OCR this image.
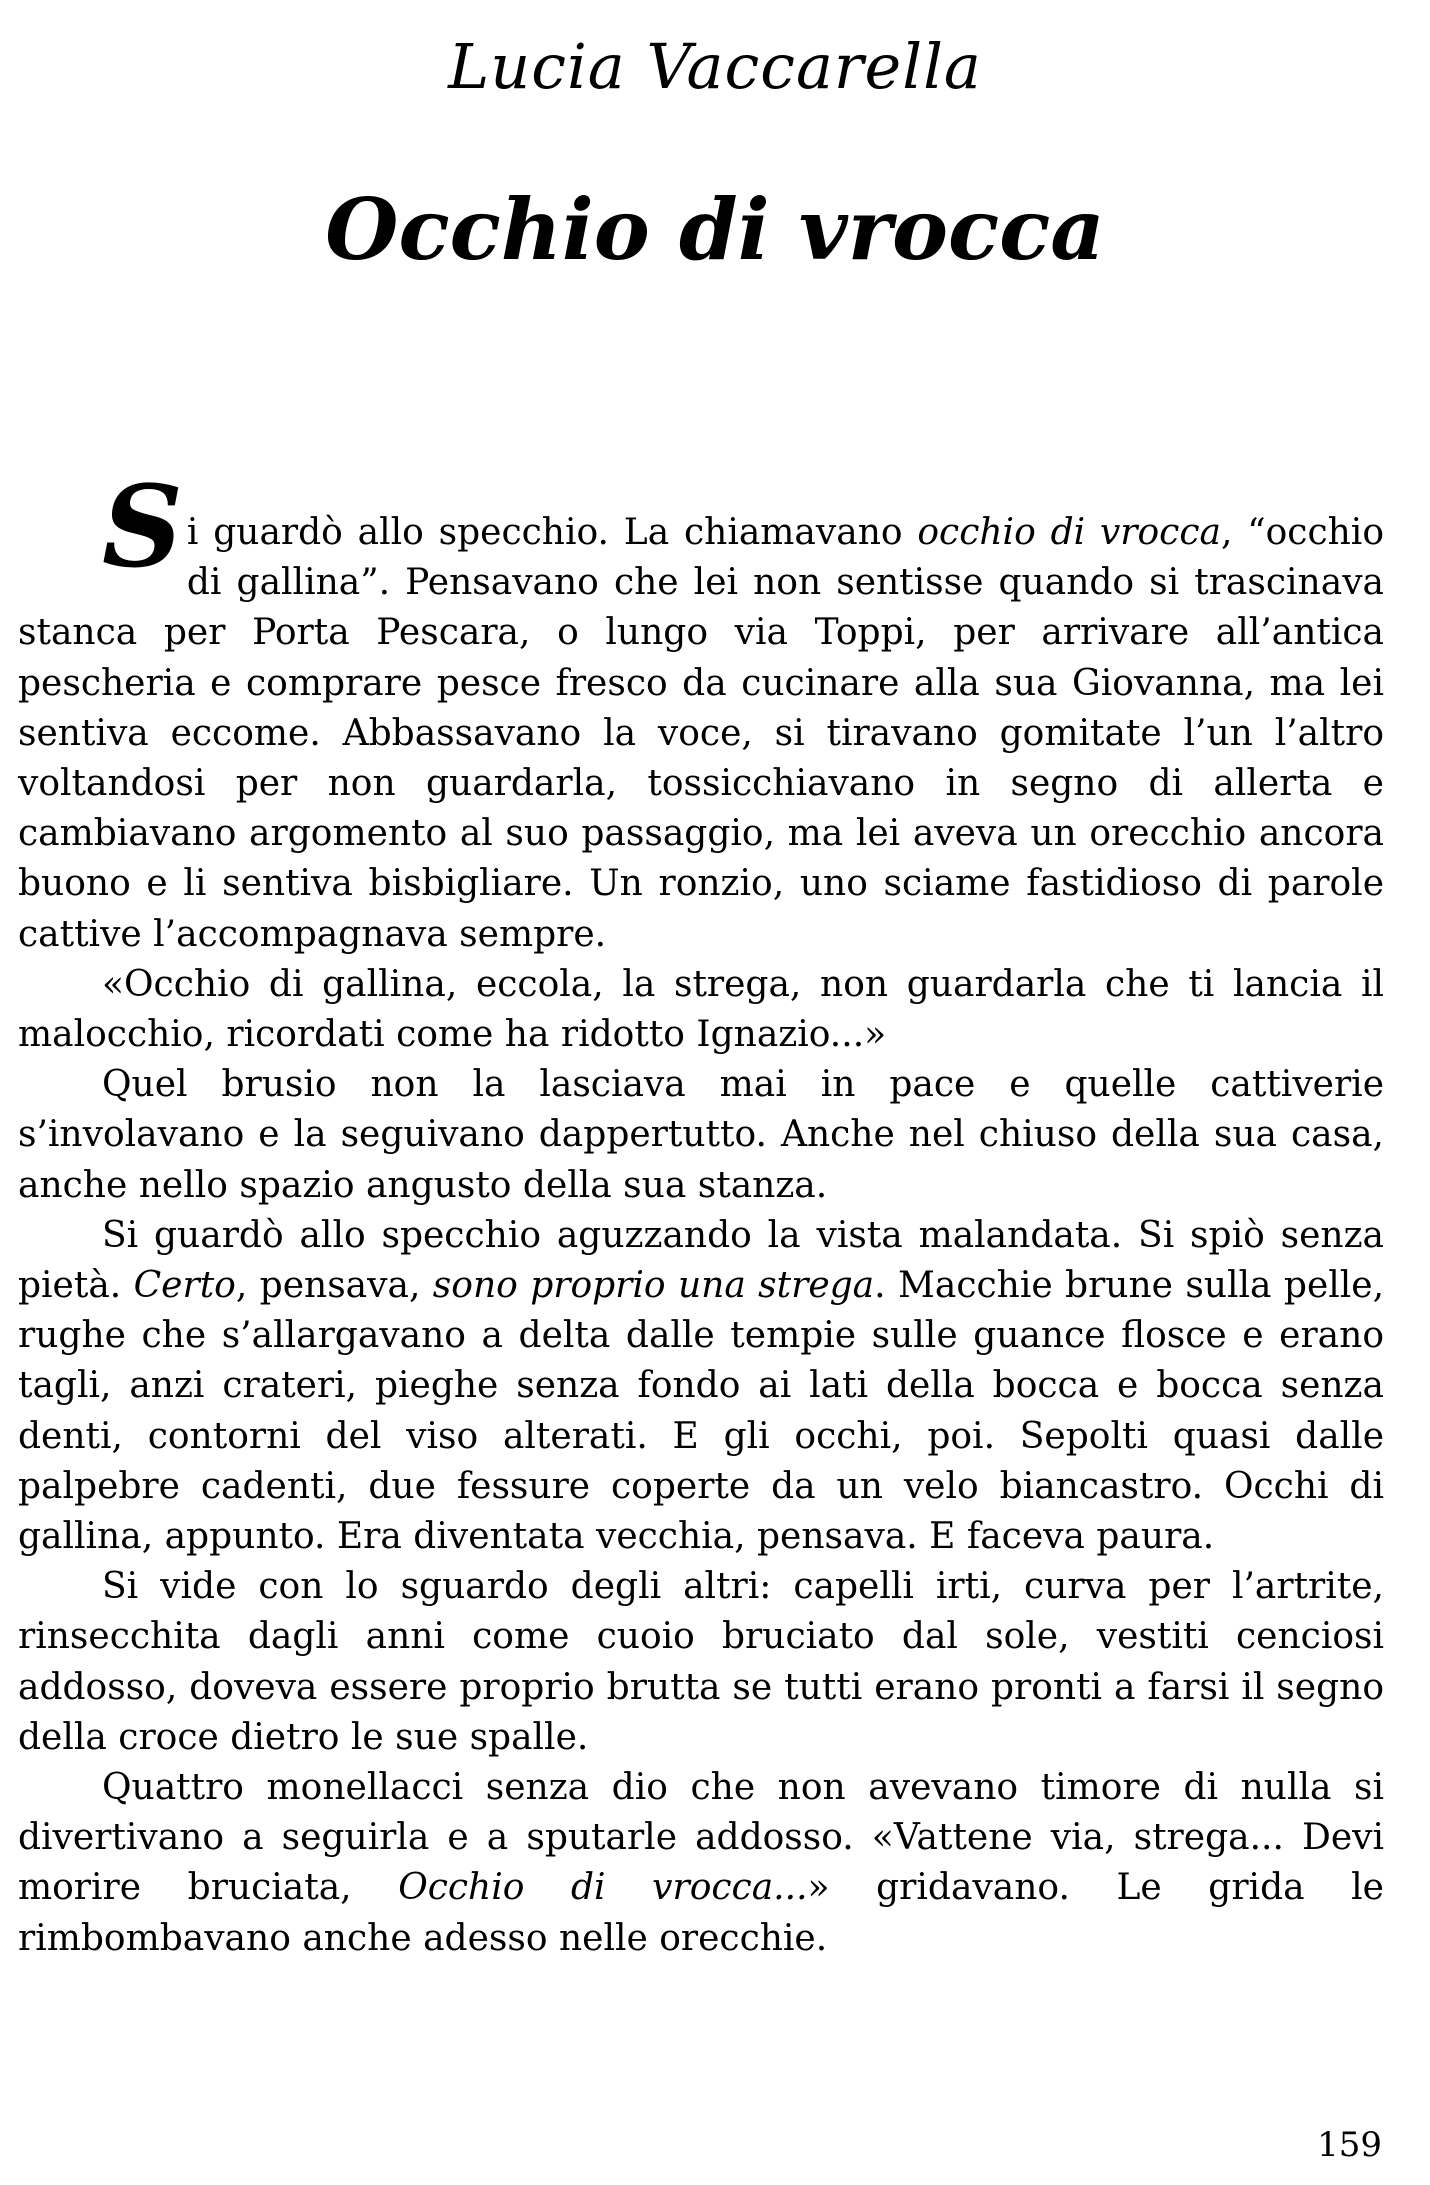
Lucia Vaccarella
Occhio di vrocca

Si guardò allo specchio. La chiamavano occhio di vrocca, “occhio di gallina”. Pensavano che lei non sentisse quando si trascinava stanca per Porta Pescara, o lungo via Toppi, per arrivare all’antica pescheria e comprare pesce fresco da cucinare alla sua Giovanna, ma lei sentiva eccome. Abbassavano la voce, si tiravano gomitate l’un l’altro voltandosi per non guardarla, tossicchiavano in segno di allerta e cambiavano argomento al suo passaggio, ma lei aveva un orecchio ancora buono e li sentiva bisbigliare. Un ronzio, uno sciame fastidioso di parole cattive l’accompagnava sempre.

«Occhio di gallina, eccola, la strega, non guardarla che ti lancia il malocchio, ricordati come ha ridotto Ignazio...»

Quel brusio non la lasciava mai in pace e quelle cattiverie s’involavano e la seguivano dappertutto. Anche nel chiuso della sua casa, anche nello spazio angusto della sua stanza.

Si guardò allo specchio aguzzando la vista malandata. Si spiò senza pietà. Certo, pensava, sono proprio una strega. Macchie brune sulla pelle, rughe che s’allargavano a delta dalle tempie sulle guance flosce e erano tagli, anzi crateri, pieghe senza fondo ai lati della bocca e bocca senza denti, contorni del viso alterati. E gli occhi, poi. Sepolti quasi dalle palpebre cadenti, due fessure coperte da un velo biancastro. Occhi di gallina, appunto. Era diventata vecchia, pensava. E faceva paura.

Si vide con lo sguardo degli altri: capelli irti, curva per l’artrite, rinsecchita dagli anni come cuoio bruciato dal sole, vestiti cenciosi addosso, doveva essere proprio brutta se tutti erano pronti a farsi il segno della croce dietro le sue spalle.

Quattro monellacci senza dio che non avevano timore di nulla si divertivano a seguirla e a sputarle addosso. «Vattene via, strega... Devi morire bruciata, Occhio di vrocca...» gridavano. Le grida le rimbombavano anche adesso nelle orecchie.

159
